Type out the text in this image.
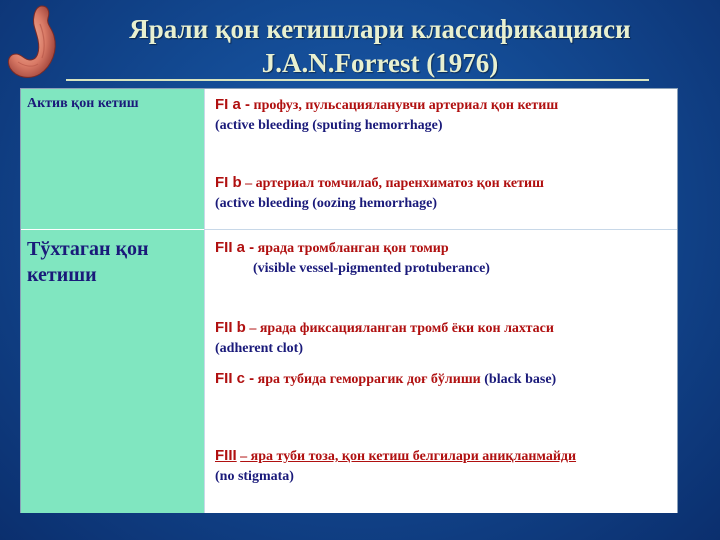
Ярали қон кетишлари классификацияси
J.A.N.Forrest (1976)
Актив қон кетиш	FI a - профуз, пульсацияланувчи артериал қон кетиш
(active bleeding (sputing hemorrhage)
FI b – артериал томчилаб, паренхиматоз қон кетиш
(active bleeding (oozing hemorrhage)
Тўхтаган қон кетиши
FII a - ярада тромбланган қон томир
(visible vessel-pigmented protuberance)
FII b – ярада фиксацияланган тромб ёки кон лахтаси
(adherent clot)
FII c - яра тубида геморрагик доғ бўлиши (black base)
FIII – яра туби тоза, қон кетиш белгилари аниқланмайди
(no stigmata)
